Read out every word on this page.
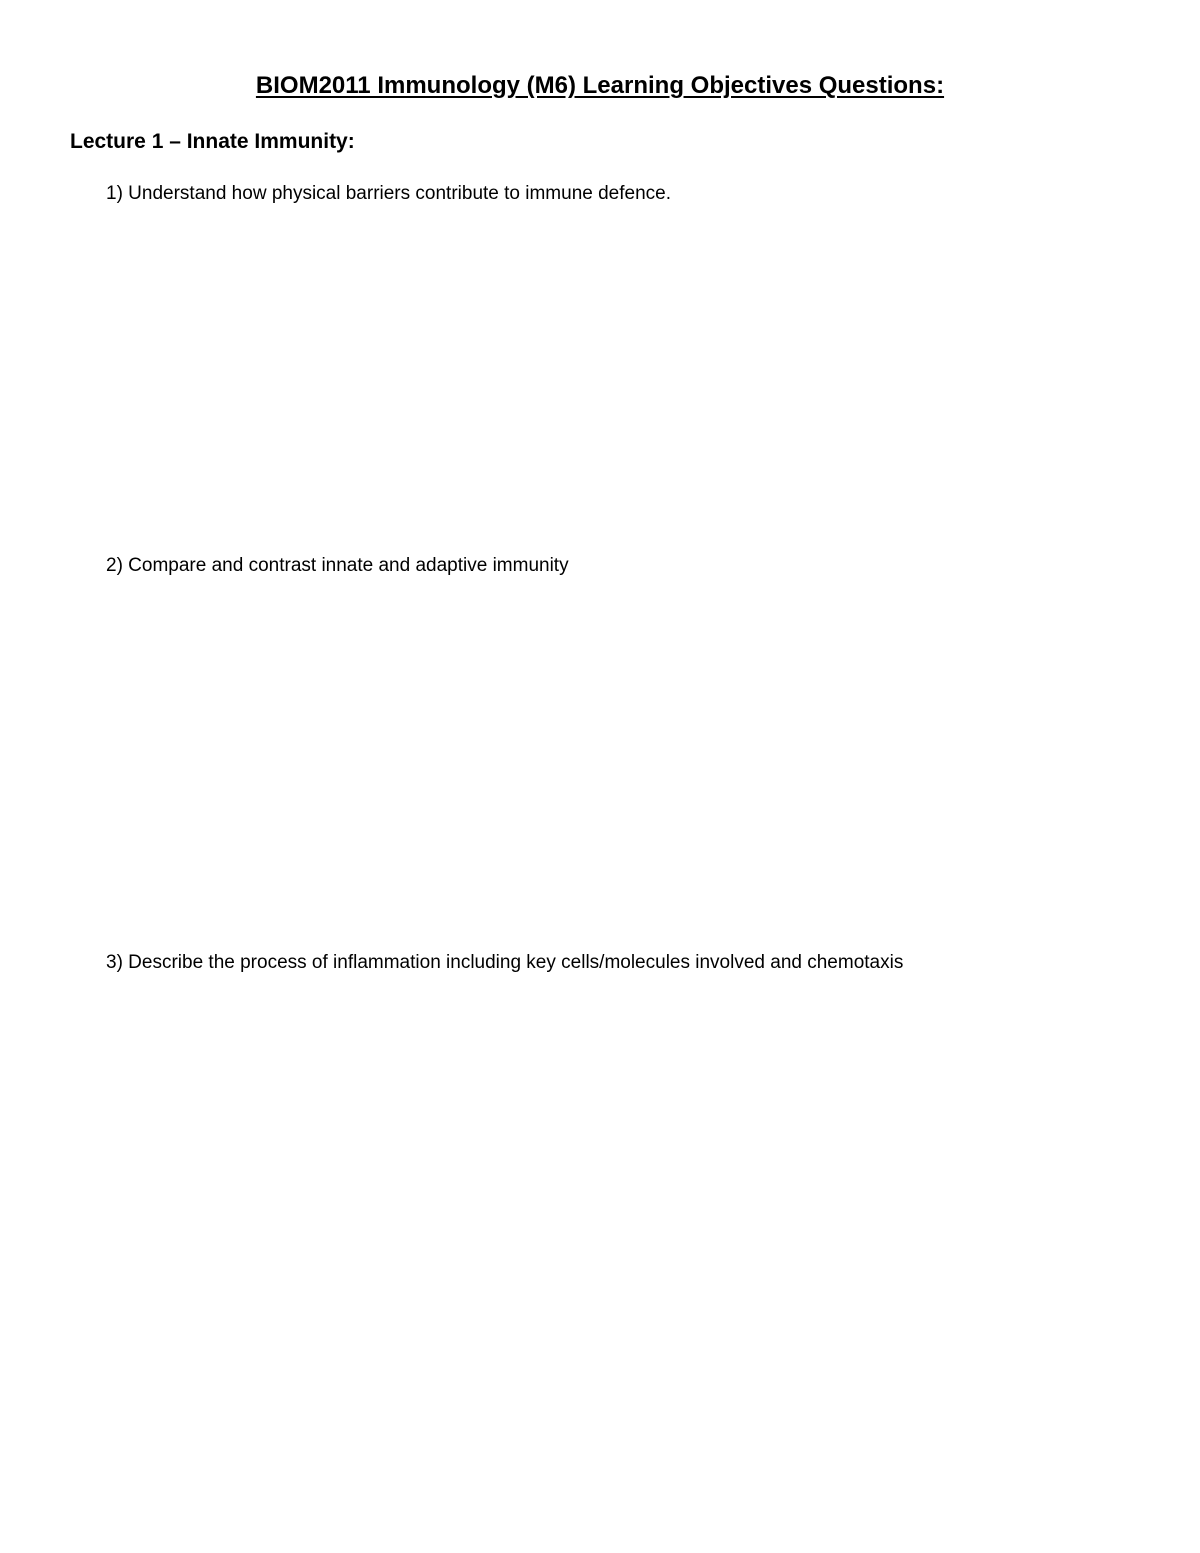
BIOM2011 Immunology (M6) Learning Objectives Questions:
Lecture 1 – Innate Immunity:

1) Understand how physical barriers contribute to immune defence.

2) Compare and contrast innate and adaptive immunity

3) Describe the process of inflammation including key cells/molecules involved and chemotaxis
